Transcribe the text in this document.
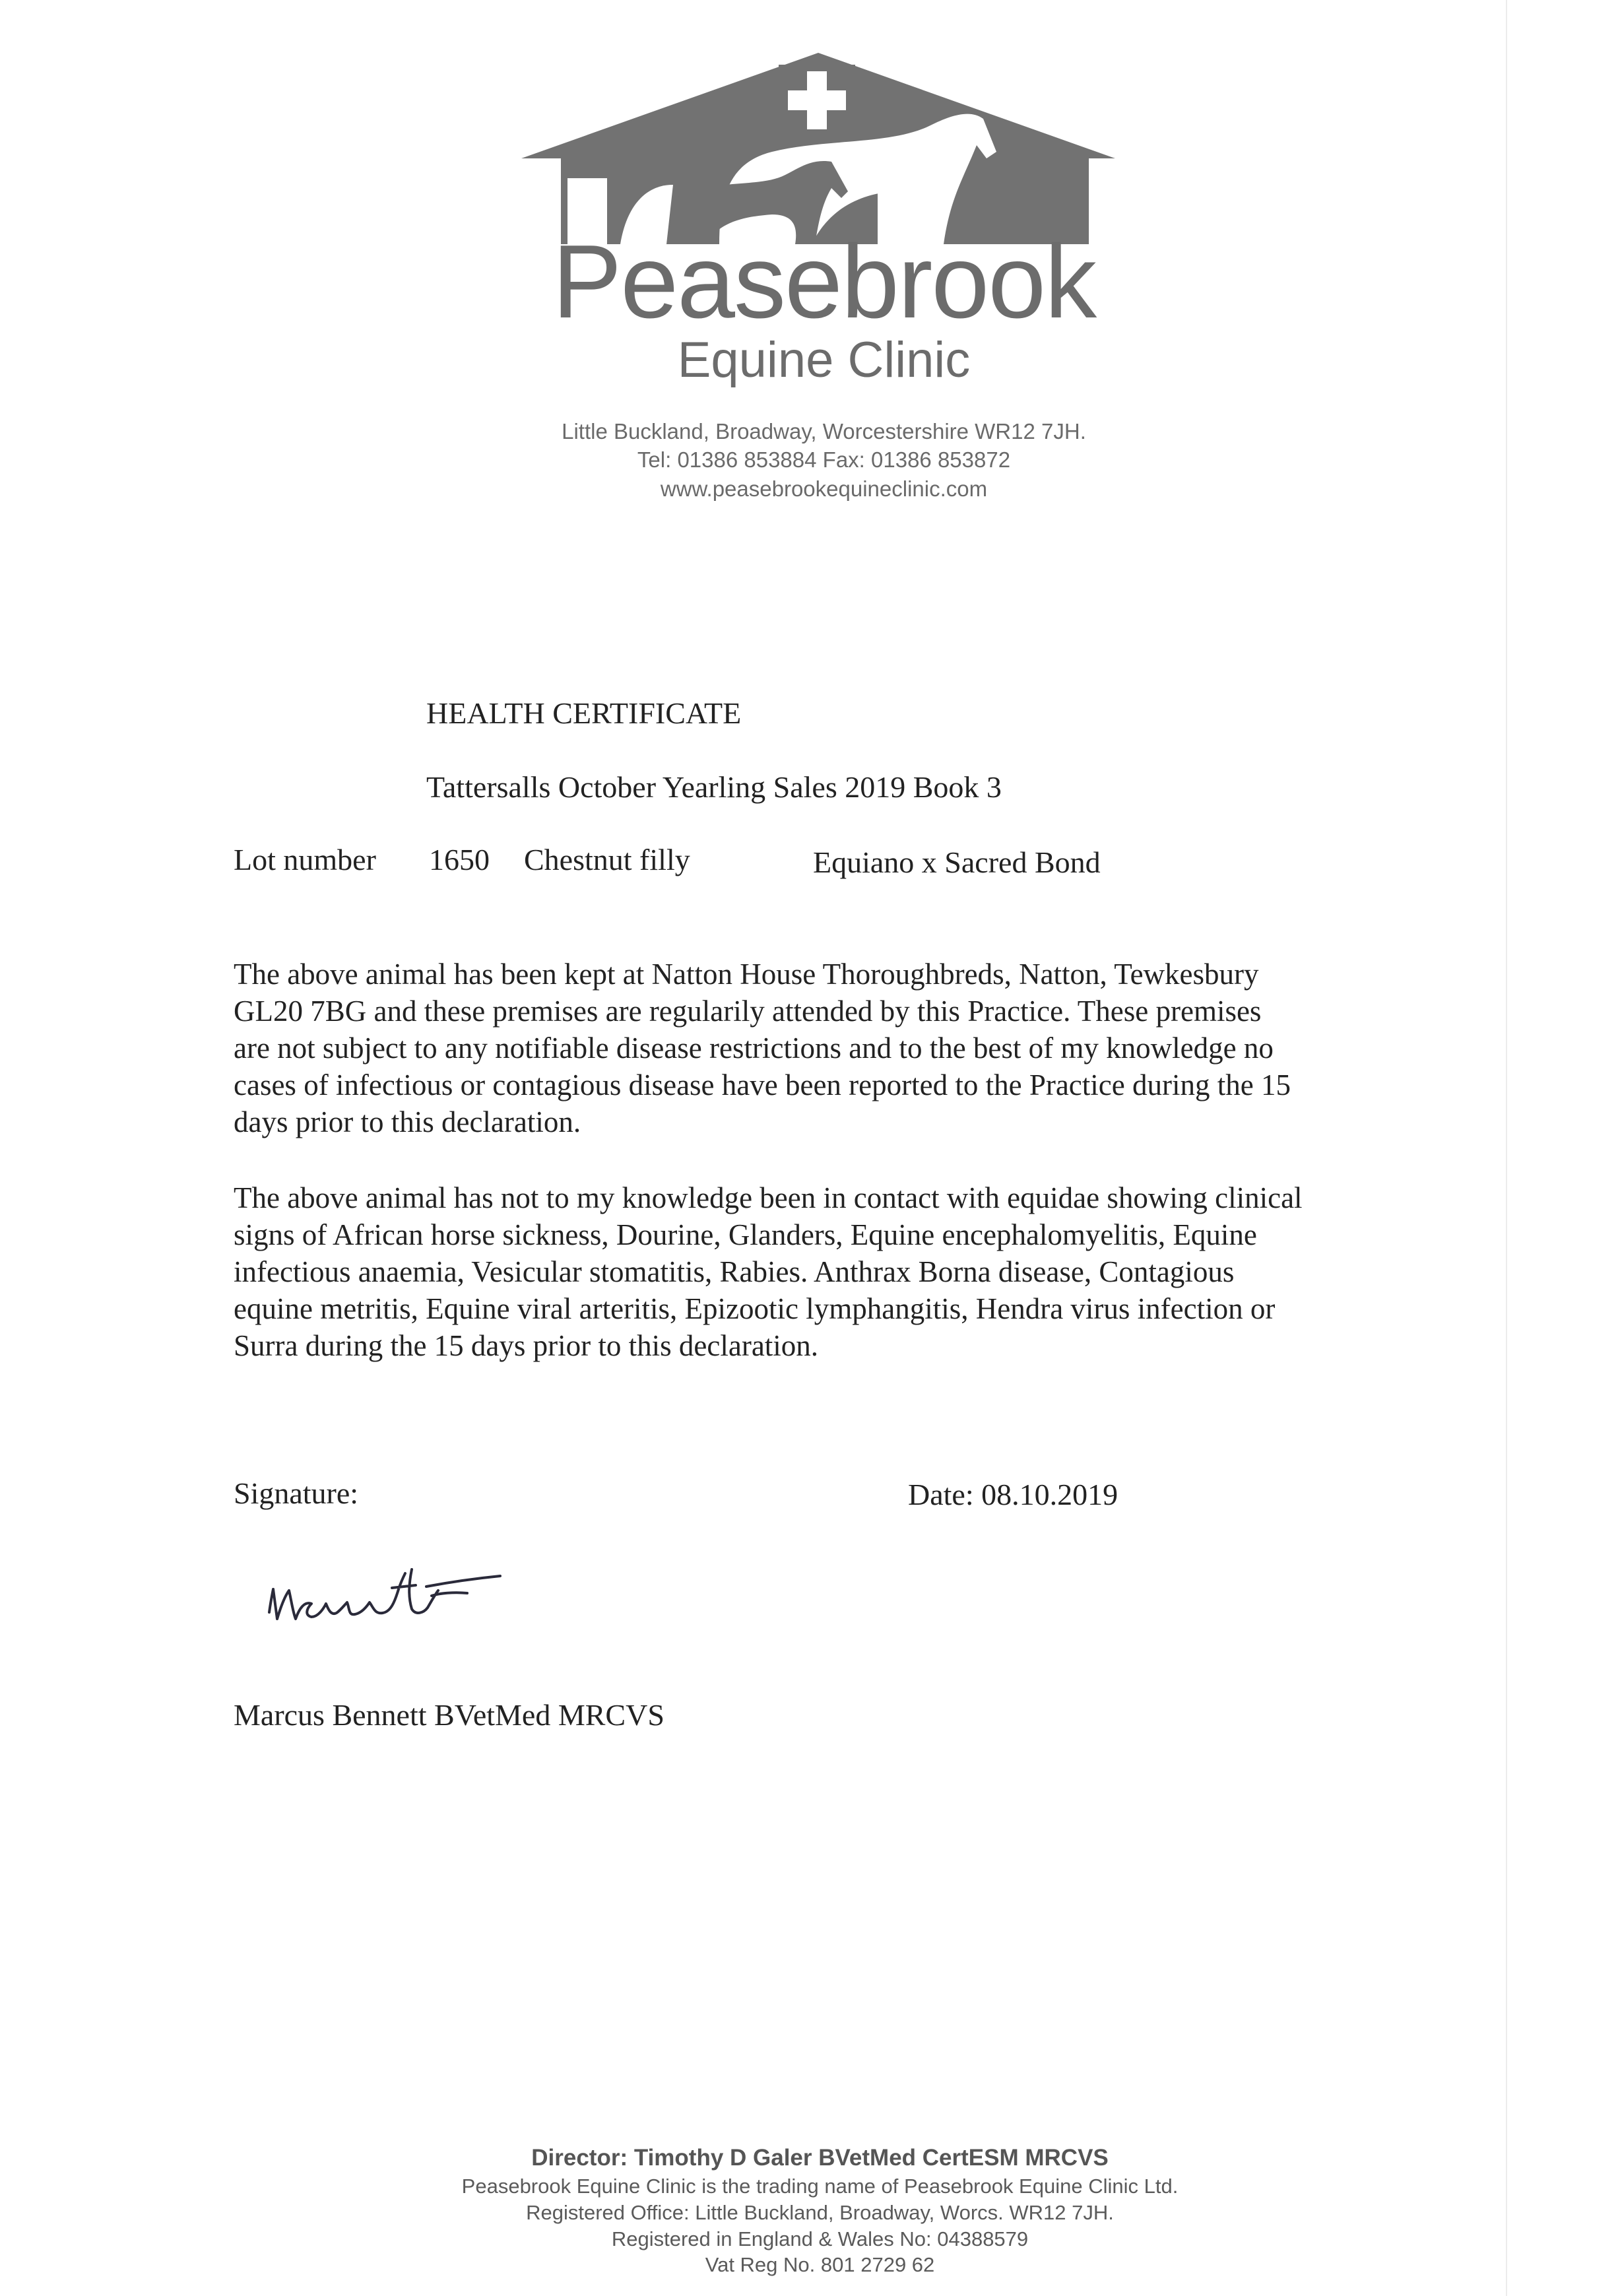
Peasebrook
Equine Clinic
Little Buckland, Broadway, Worcestershire WR12 7JH.
Tel: 01386 853884 Fax: 01386 853872
www.peasebrookequineclinic.com
HEALTH CERTIFICATE
Tattersalls October Yearling Sales 2019 Book 3
Lot number 1650 Chestnut filly	Equiano x Sacred Bond
The above animal has been kept at Natton House Thoroughbreds, Natton, Tewkesbury
GL20 7BG and these premises are regularily attended by this Practice. These premises
are not subject to any notifiable disease restrictions and to the best of my knowledge no
cases of infectious or contagious disease have been reported to the Practice during the 15
days prior to this declaration.
The above animal has not to my knowledge been in contact with equidae showing clinical
signs of African horse sickness, Dourine, Glanders, Equine encephalomyelitis, Equine
infectious anaemia, Vesicular stomatitis, Rabies. Anthrax Borna disease, Contagious
equine metritis, Equine viral arteritis, Epizootic lymphangitis, Hendra virus infection or
Surra during the 15 days prior to this declaration.
Signature:	Date: 08.10.2019
Marcus Bennett BVetMed MRCVS
Director: Timothy D Galer BVetMed CertESM MRCVS
Peasebrook Equine Clinic is the trading name of Peasebrook Equine Clinic Ltd.
Registered Office: Little Buckland, Broadway, Worcs. WR12 7JH.
Registered in England & Wales No: 04388579
Vat Reg No. 801 2729 62
